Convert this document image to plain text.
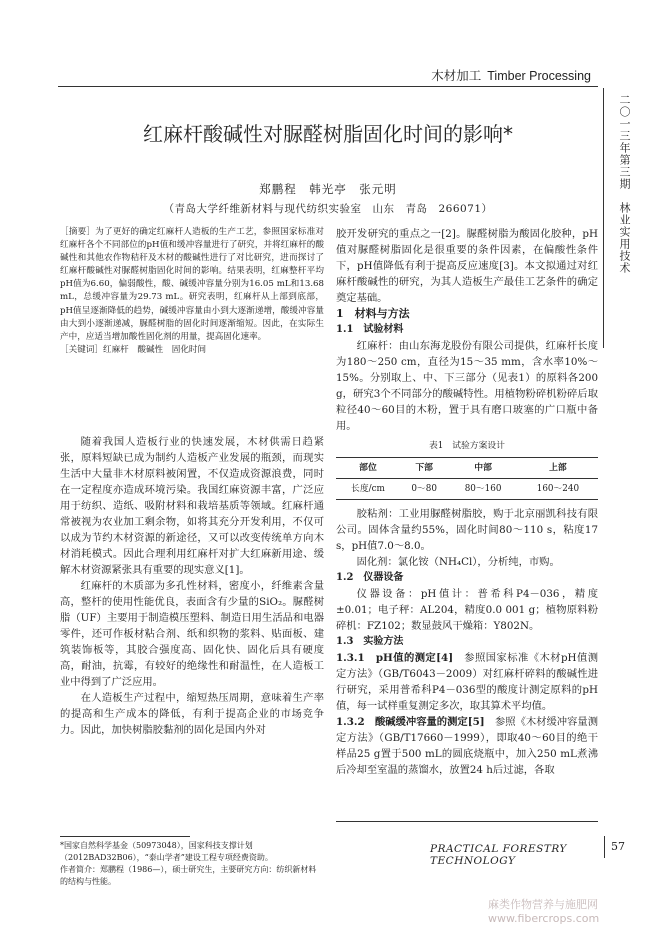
木材加工 Timber Processing
二〇一三年第三期　林业实用技术
红麻杆酸碱性对脲醛树脂固化时间的影响*
郑鹏程　韩光亭　张元明
（青岛大学纤维新材料与现代纺织实验室　山东　青岛　266071）

［摘要］为了更好的确定红麻杆人造板的生产工艺，参照国家标准对红麻杆各个不同部位的pH值和缓冲容量进行了研究，并将红麻杆的酸碱性和其他农作物秸秆及木材的酸碱性进行了对比研究，进而探讨了红麻杆酸碱性对脲醛树脂固化时间的影响。结果表明，红麻整杆平均pH值为6.60，偏弱酸性，酸、碱缓冲容量分别为16.05 mL和13.68 mL，总缓冲容量为29.73 mL。研究表明，红麻杆从上部到底部，pH值呈逐渐降低的趋势，碱缓冲容量由小到大逐渐递增，酸缓冲容量由大到小逐渐递减，脲醛树脂的固化时间逐渐缩短。因此，在实际生产中，应适当增加酸性固化剂的用量，提高固化速率。

［关键词］红麻杆　酸碱性　固化时间

随着我国人造板行业的快速发展，木材供需日趋紧张，原料短缺已成为制约人造板产业发展的瓶颈，而现实生活中大量非木材原料被闲置，不仅造成资源浪费，同时在一定程度亦造成环境污染。我国红麻资源丰富，广泛应用于纺织、造纸、吸附材料和栽培基质等领域。红麻杆通常被视为农业加工剩余物，如将其充分开发利用，不仅可以成为节约木材资源的新途径，又可以改变传统单方向木材消耗模式。因此合理利用红麻杆对扩大红麻新用途、缓解木材资源紧张具有重要的现实意义[1]。

红麻杆的木质部为多孔性材料，密度小，纤维素含量高，整杆的使用性能优良，表面含有少量的SiO₂。脲醛树脂（UF）主要用于制造模压塑料、制造日用生活品和电器零件，还可作板材粘合剂、纸和织物的浆料、贴面板、建筑装饰板等，其胶合强度高、固化快、固化后具有硬度高，耐油，抗霉，有较好的绝缘性和耐温性，在人造板工业中得到了广泛应用。

在人造板生产过程中，缩短热压周期，意味着生产率的提高和生产成本的降低，有利于提高企业的市场竞争力。因此，加快树脂胶黏剂的固化是国内外对

*国家自然科学基金（50973048），国家科技支撑计划（2012BAD32B06），“泰山学者”建设工程专项经费资助。
作者简介：郑鹏程（1986—），硕士研究生，主要研究方向：纺织新材料的结构与性能。

胶开发研究的重点之一[2]。脲醛树脂为酸固化胶种，pH值对脲醛树脂固化是很重要的条件因素，在偏酸性条件下，pH值降低有利于提高反应速度[3]。本文拟通过对红麻杆酸碱性的研究，为其人造板生产最佳工艺条件的确定奠定基础。

1　材料与方法
1.1　试验材料

红麻杆：由山东海龙股份有限公司提供，红麻杆长度为180～250 cm，直径为15～35 mm，含水率10%～15%。分别取上、中、下三部分（见表1）的原料各200 g，研究3个不同部分的酸碱特性。用植物粉碎机粉碎后取粒径40～60目的木粉，置于具有磨口玻塞的广口瓶中备用。

表1　试验方案设计
部位	下部	中部	上部
长度/cm	0～80	80～160	160～240

胶粘剂：工业用脲醛树脂胶，购于北京丽凯科技有限公司。固体含量约55%，固化时间80～110 s，粘度17 s，pH值7.0～8.0。

固化剂：氯化铵（NH₄Cl），分析纯，市购。

1.2　仪器设备

仪器设备：pH值计：普希科P4－036，精度±0.01；电子秤：AL204，精度0.0 001 g；植物原料粉碎机：FZ102；数显鼓风干燥箱：Y802N。

1.3　实验方法

1.3.1　pH值的测定[4]　 参照国家标准《木材pH值测定方法》（GB/T6043－2009）对红麻杆碎料的酸碱性进行研究，采用普希科P4－036型的酸度计测定原料的pH值，每一试样重复测定多次，取其算术平均值。

1.3.2　酸碱缓冲容量的测定[5]　 参照《木材缓冲容量测定方法》（GB/T17660－1999），即取40～60目的绝干样品25 g置于500 mL的圆底烧瓶中，加入250 mL煮沸后冷却至室温的蒸馏水，放置24 h后过滤，各取

PRACTICAL FORESTRY TECHNOLOGY
57
麻类作物营养与施肥网 www.fibercrops.com
